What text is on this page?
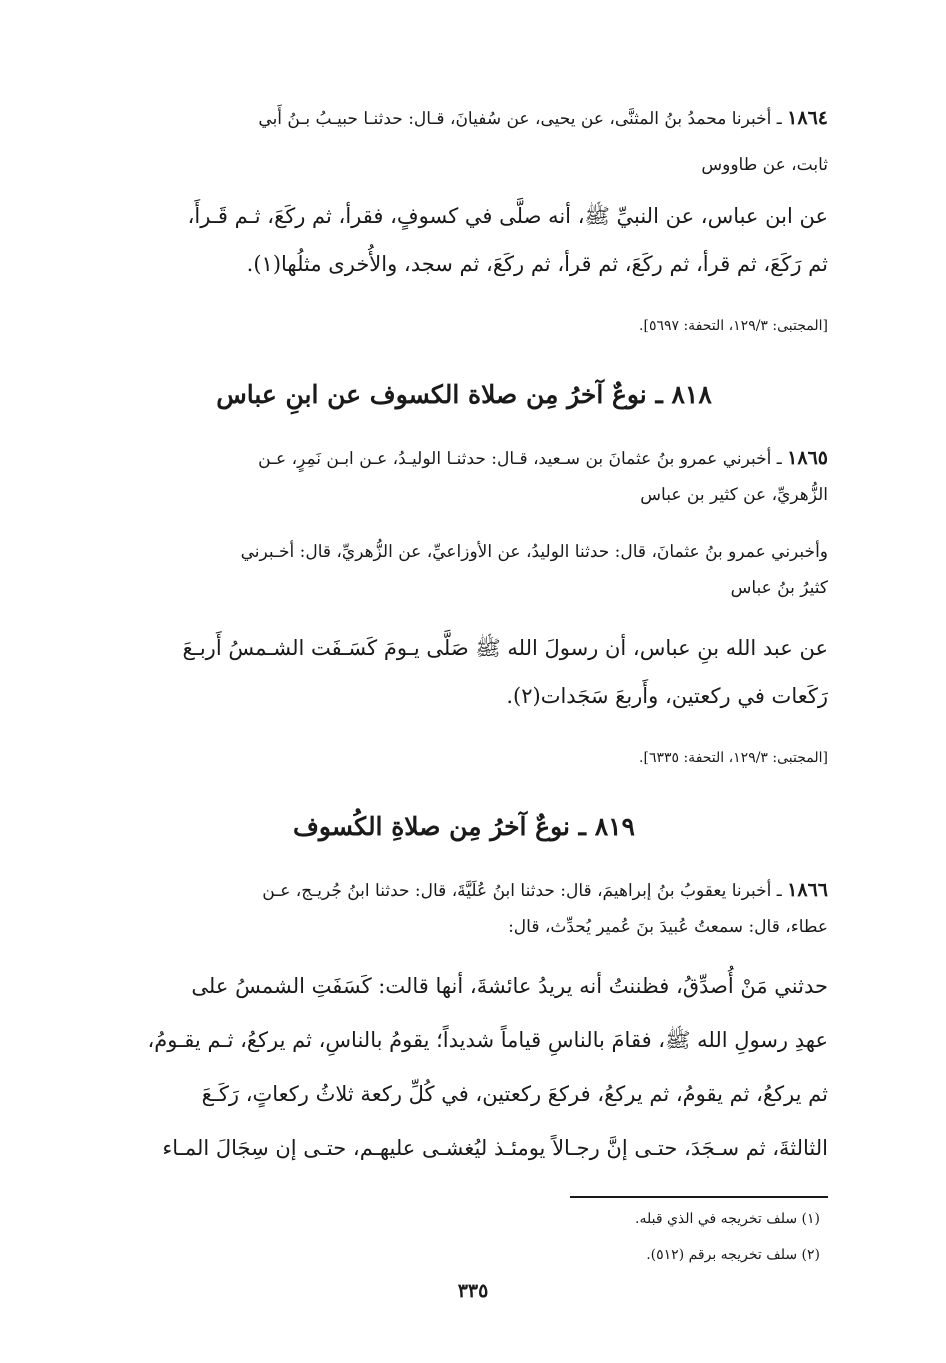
١٨٦٤ ـ أخبرنا محمدُ بنُ المثنَّى، عن يحيى، عن سُفيانَ، قـال: حدثنـا حبيـبُ بـنُ أَبي
ثابت، عن طاووس
عن ابن عباس، عن النبيِّ ﷺ، أنه صلَّى في كسوفٍ، فقرأ، ثم ركَعَ، ثـم قَـرأَ،
ثم رَكَعَ، ثم قرأ، ثم ركَعَ، ثم قرأ، ثم ركَعَ، ثم سجد، والأُخرى مثلُها(١).
[المجتبى: ١٢٩/٣، التحفة: ٥٦٩٧].
٨١٨ ـ نوعٌ آخرُ مِن صلاة الكسوف عن ابنِ عباس
١٨٦٥ ـ أخبرني عمرو بنُ عثمانَ بن سـعيد، قـال: حدثنـا الوليـدُ، عـن ابـن نَمِرٍ، عـن
الزُّهريِّ، عن كثير بن عباس
وأخبرني عمرو بنُ عثمانَ، قال: حدثنا الوليدُ، عن الأوزاعيِّ، عن الزُّهريِّ، قال: أخـبرني
كثيرُ بنُ عباس
عن عبد الله بنِ عباس، أن رسولَ الله ﷺ صَلَّى يـومَ كَسَـفَت الشـمسُ أَربـعَ
رَكَعات في ركعتين، وأَربعَ سَجَدات(٢).
[المجتبى: ١٢٩/٣، التحفة: ٦٣٣٥].
٨١٩ ـ نوعٌ آخرُ مِن صلاةِ الكُسوف
١٨٦٦ ـ أخبرنا يعقوبُ بنُ إبراهيمَ، قال: حدثنا ابنُ عُلَيَّةَ، قال: حدثنا ابنُ جُريـج، عـن
عطاء، قال: سمعتُ عُبيدَ بنَ عُمير يُحدِّث، قال:
حدثني مَنْ أُصدِّقُ، فظننتُ أنه يريدُ عائشةَ، أنها قالت: كَسَفَتِ الشمسُ على
عهدِ رسولِ الله ﷺ، فقامَ بالناسِ قياماً شديداً؛ يقومُ بالناسِ، ثم يركعُ، ثـم يقـومُ،
ثم يركعُ، ثم يقومُ، ثم يركعُ، فركعَ ركعتين، في كُلِّ ركعة ثلاثُ ركعاتٍ، رَكَـعَ
الثالثةَ، ثم سـجَدَ، حتـى إنَّ رجـالاً يومئـذ ليُغشـى عليهـم، حتـى إن سِجَالَ المـاء
(١) سلف تخريجه في الذي قبله.
(٢) سلف تخريجه برقم (٥١٢).
٣٣٥
